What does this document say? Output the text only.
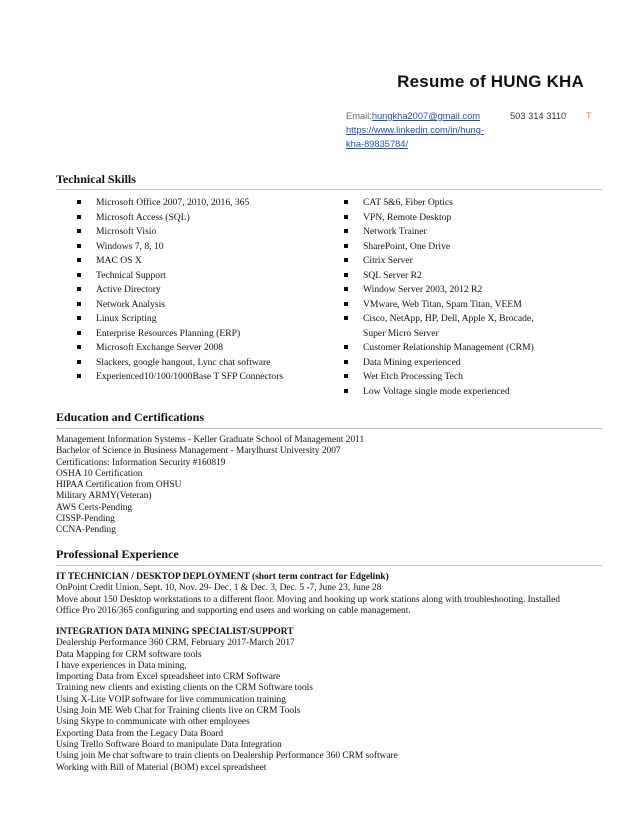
Resume of HUNG KHA
Email:hungkha2007@gmail.com	503 314 3110 T
https://www.linkedin.com/in/hung-
kha-89835784/
Technical Skills
Microsoft Office 2007, 2010, 2016, 365
Microsoft Access (SQL)
Microsoft Visio
Windows 7, 8, 10
MAC OS X
Technical Support
Active Directory
Network Analysis
Linux Scripting
Enterprise Resources Planning (ERP)
Microsoft Exchange Server 2008
Slackers, google hangout, Lync chat software
Experienced10/100/1000Base T SFP Connectors
CAT 5&6, Fiber Optics
VPN, Remote Desktop
Network Trainer
SharePoint, One Drive
Citrix Server
SQL Server R2
Window Server 2003, 2012 R2
VMware, Web Titan, Spam Titan, VEEM
Cisco, NetApp, HP, Dell, Apple X, Brocade,
Super Micro Server
Customer Relationship Management (CRM)
Data Mining experienced
Wet Etch Processing Tech
Low Voltage single mode experienced
Education and Certifications
Management Information Systems - Keller Graduate School of Management 2011
Bachelor of Science in Business Management - Marylhurst University 2007
Certifications: Information Security #160819
OSHA 10 Certification
HIPAA Certification from OHSU
Military ARMY(Veteran)
AWS Certs-Pending
CISSP-Pending
CCNA-Pending
Professional Experience
IT TECHNICIAN / DESKTOP DEPLOYMENT (short term contract for Edgelink)
OnPoint Credit Union, Sept. 10, Nov. 29- Dec. 1 & Dec. 3, Dec. 5 -7, June 23, June 28
Move about 150 Desktop workstations to a different floor. Moving and hooking up work stations along with troubleshooting. Installed
Office Pro 2016/365 configuring and supporting end users and working on cable management.
INTEGRATION DATA MINING SPECIALIST/SUPPORT
Dealership Performance 360 CRM, February 2017-March 2017
Data Mapping for CRM software tools
I have experiences in Data mining,
Importing Data from Excel spreadsheet into CRM Software
Training new clients and existing clients on the CRM Software tools
Using X-Lite VOIP software for live communication training
Using Join ME Web Chat for Training clients live on CRM Tools
Using Skype to communicate with other employees
Exporting Data from the Legacy Data Board
Using Trello Software Board to manipulate Data Integration
Using join Me chat software to train clients on Dealership Performance 360 CRM software
Working with Bill of Material (BOM) excel spreadsheet
